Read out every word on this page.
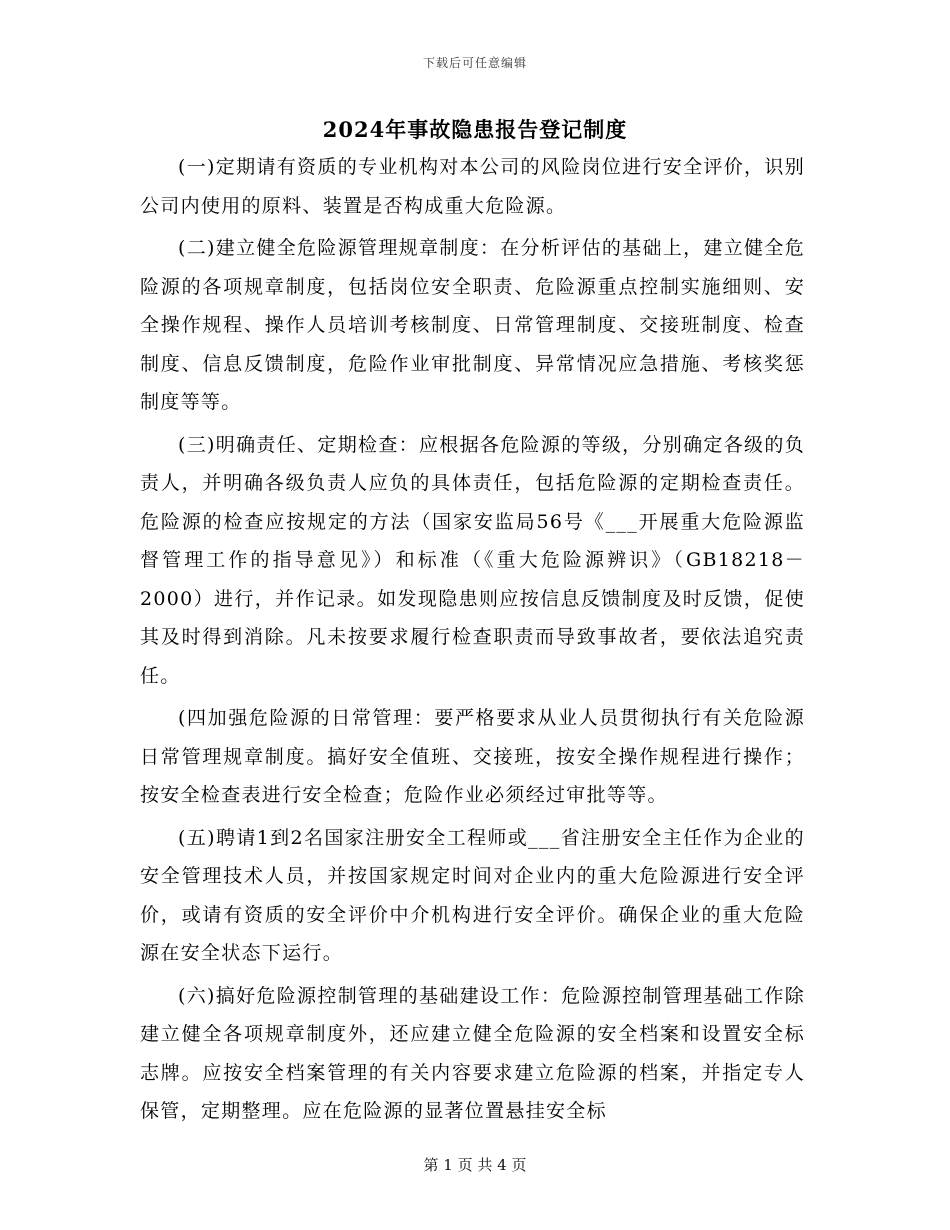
下载后可任意编辑
2024年事故隐患报告登记制度

(一)定期请有资质的专业机构对本公司的风险岗位进行安全评价，识别公司内使用的原料、装置是否构成重大危险源。

(二)建立健全危险源管理规章制度：在分析评估的基础上，建立健全危险源的各项规章制度，包括岗位安全职责、危险源重点控制实施细则、安全操作规程、操作人员培训考核制度、日常管理制度、交接班制度、检查制度、信息反馈制度，危险作业审批制度、异常情况应急措施、考核奖惩制度等等。

(三)明确责任、定期检查：应根据各危险源的等级，分别确定各级的负责人，并明确各级负责人应负的具体责任，包括危险源的定期检查责任。危险源的检查应按规定的方法（国家安监局56号《___开展重大危险源监督管理工作的指导意见》）和标准（《重大危险源辨识》（GB18218－2000）进行，并作记录。如发现隐患则应按信息反馈制度及时反馈，促使其及时得到消除。凡未按要求履行检查职责而导致事故者，要依法追究责任。

(四加强危险源的日常管理：要严格要求从业人员贯彻执行有关危险源日常管理规章制度。搞好安全值班、交接班，按安全操作规程进行操作；按安全检查表进行安全检查；危险作业必须经过审批等等。

(五)聘请1到2名国家注册安全工程师或___省注册安全主任作为企业的安全管理技术人员，并按国家规定时间对企业内的重大危险源进行安全评价，或请有资质的安全评价中介机构进行安全评价。确保企业的重大危险源在安全状态下运行。

(六)搞好危险源控制管理的基础建设工作：危险源控制管理基础工作除建立健全各项规章制度外，还应建立健全危险源的安全档案和设置安全标志牌。应按安全档案管理的有关内容要求建立危险源的档案，并指定专人保管，定期整理。应在危险源的显著位置悬挂安全标

第 1 页 共 4 页
